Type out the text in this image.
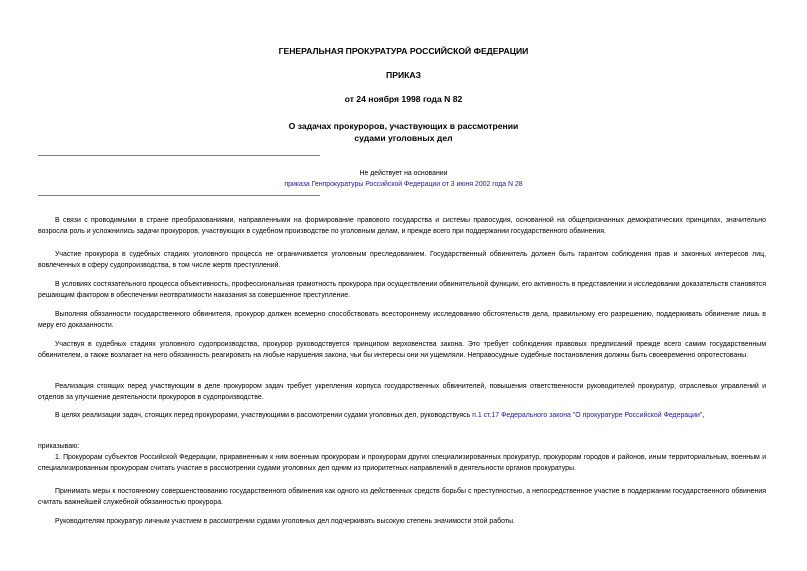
ГЕНЕРАЛЬНАЯ ПРОКУРАТУРА РОССИЙСКОЙ ФЕДЕРАЦИИ
ПРИКАЗ
от 24 ноября 1998 года N 82
О задачах прокуроров, участвующих в рассмотрении
судами уголовных дел
Не действует на основании
приказа Генпрокуратуры Российской Федерации от 3 июня 2002 года N 28

В связи с проводимыми в стране преобразованиями, направленными на формирование правового государства и системы правосудия, основанной на общепризнанных демократических принципах, значительно возросла роль и усложнились задачи прокуроров, участвующих в судебном производстве по уголовным делам, и прежде всего при поддержании государственного обвинения.

Участие прокурора в судебных стадиях уголовного процесса не ограничивается уголовным преследованием. Государственный обвинитель должен быть гарантом соблюдения прав и законных интересов лиц, вовлеченных в сферу судопроизводства, в том числе жертв преступлений.

В условиях состязательного процесса объективность, профессиональная грамотность прокурора при осуществлении обвинительной функции, его активность в представлении и исследовании доказательств становятся решающим фактором в обеспечении неотвратимости наказания за совершенное преступление.

Выполняя обязанности государственного обвинителя, прокурор должен всемерно способствовать всестороннему исследованию обстоятельств дела, правильному его разрешению, поддерживать обвинение лишь в меру его доказанности.

Участвуя в судебных стадиях уголовного судопроизводства, прокурор руководствуется принципом верховенства закона. Это требует соблюдения правовых предписаний прежде всего самим государственным обвинителем, а также возлагает на него обязанность реагировать на любые нарушения закона, чьи бы интересы они ни ущемляли. Неправосудные судебные постановления должны быть своевременно опротестованы.

Реализация стоящих перед участвующим в деле прокурором задач требует укрепления корпуса государственных обвинителей, повышения ответственности руководителей прокуратур, отраслевых управлений и отделов за улучшение деятельности прокуроров в судопроизводстве.

В целях реализации задач, стоящих перед прокурорами, участвующими в рассмотрении судами уголовных дел, руководствуясь п.1 ст.17 Федерального закона "О прокуратуре Российской Федерации",

приказываю:

1. Прокурорам субъектов Российской Федерации, приравненным к ним военным прокурорам и прокурорам других специализированных прокуратур, прокурорам городов и районов, иным территориальным, военным и специализированным прокурорам считать участие в рассмотрении судами уголовных дел одним из приоритетных направлений в деятельности органов прокуратуры.

Принимать меры к постоянному совершенствованию государственного обвинения как одного из действенных средств борьбы с преступностью, а непосредственное участие в поддержании государственного обвинения считать важнейшей служебной обязанностью прокурора.

Руководителям прокуратур личным участием в рассмотрении судами уголовных дел подчеркивать высокую степень значимости этой работы.
